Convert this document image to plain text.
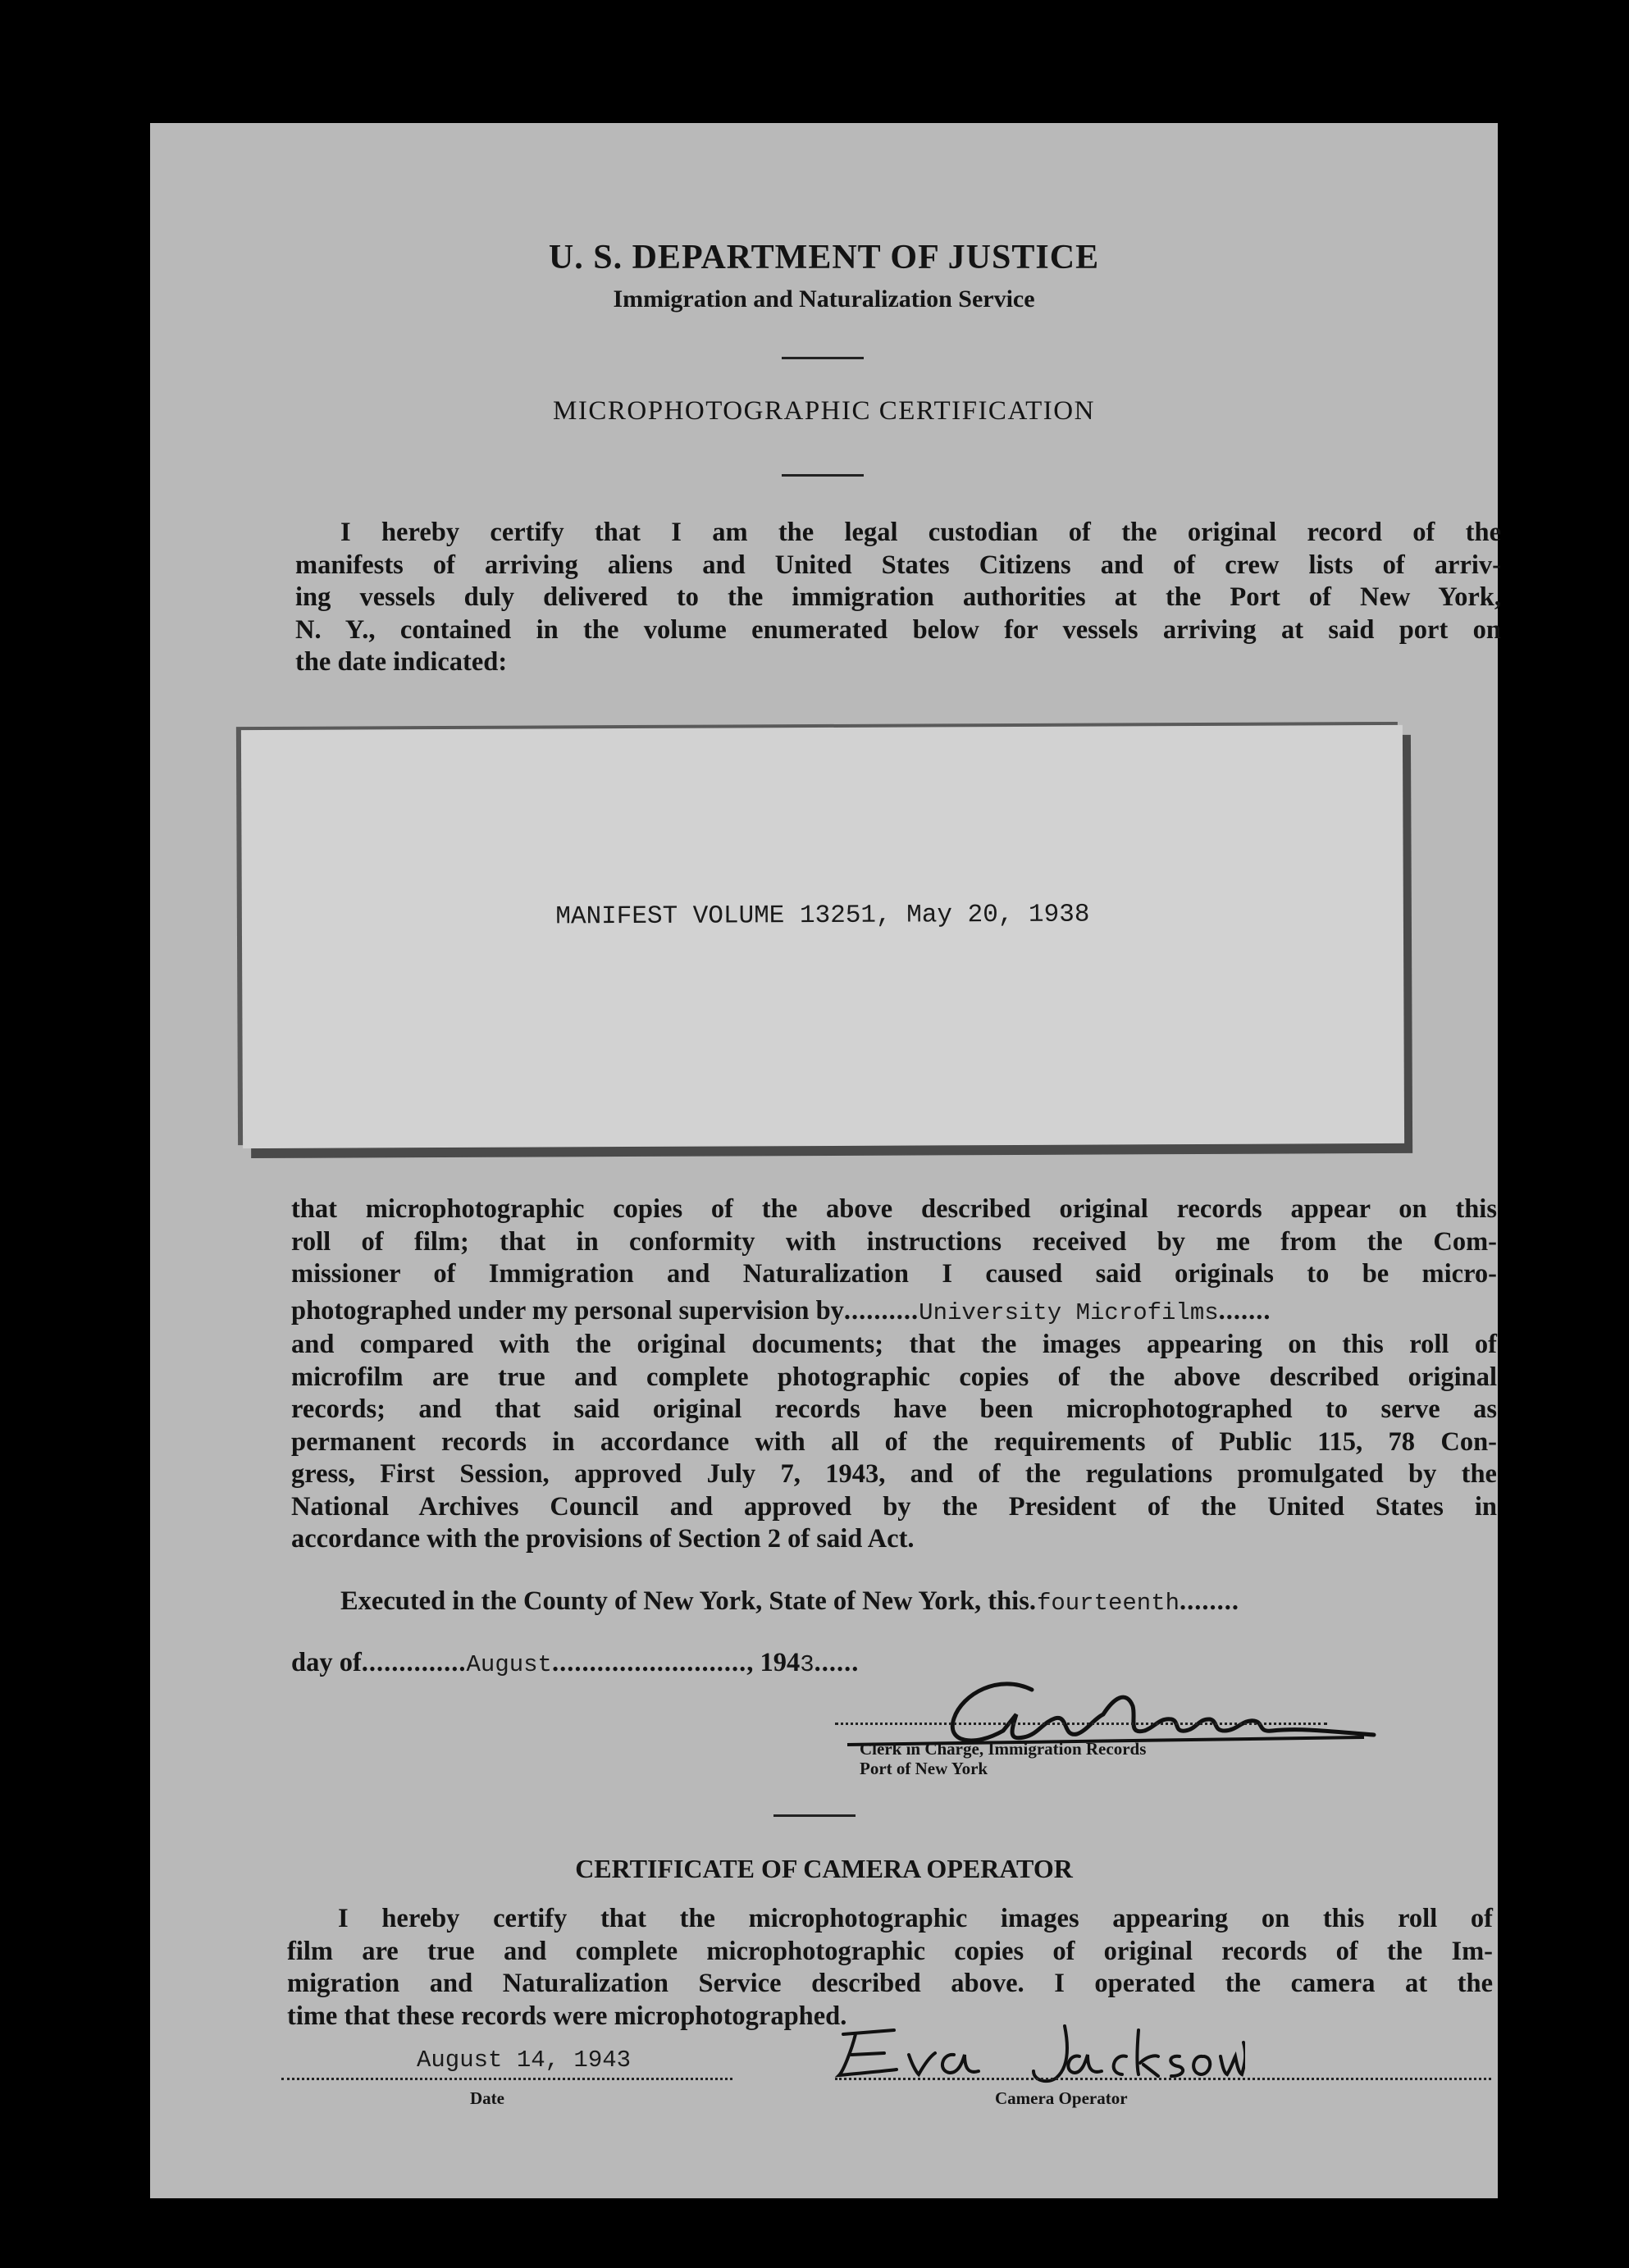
U. S. DEPARTMENT OF JUSTICE
Immigration and Naturalization Service
MICROPHOTOGRAPHIC CERTIFICATION
I hereby certify that I am the legal custodian of the original record of the
manifests of arriving aliens and United States Citizens and of crew lists of arriv-
ing vessels duly delivered to the immigration authorities at the Port of New York,
N. Y., contained in the volume enumerated below for vessels arriving at said port on
the date indicated:
MANIFEST VOLUME 13251, May 20, 1938
that microphotographic copies of the above described original records appear on this
roll of film; that in conformity with instructions received by me from the Com-
missioner of Immigration and Naturalization I caused said originals to be micro-
photographed under my personal supervision by..........University Microfilms.......
and compared with the original documents; that the images appearing on this roll of
microfilm are true and complete photographic copies of the above described original
records; and that said original records have been microphotographed to serve as
permanent records in accordance with all of the requirements of Public 115, 78 Con-
gress, First Session, approved July 7, 1943, and of the regulations promulgated by the
National Archives Council and approved by the President of the United States in
accordance with the provisions of Section 2 of said Act.
Executed in the County of New York, State of New York, this.fourteenth........
day of..............August.........................., 1943......
Clerk in Charge, Immigration Records
Port of New York
CERTIFICATE OF CAMERA OPERATOR
I hereby certify that the microphotographic images appearing on this roll of
film are true and complete microphotographic copies of original records of the Im-
migration and Naturalization Service described above. I operated the camera at the
time that these records were microphotographed.
August 14, 1943
Date	Camera Operator
